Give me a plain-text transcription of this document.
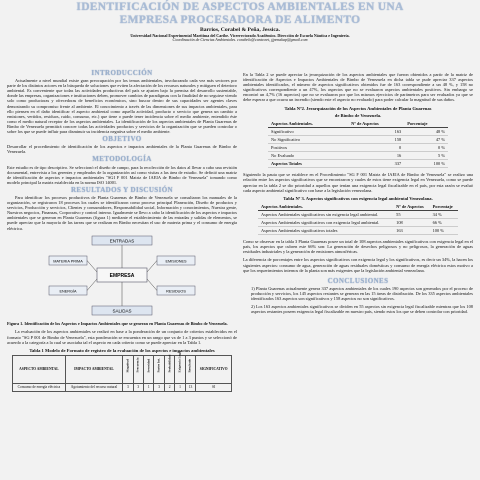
IDENTIFICACIÓN DE ASPECTOS AMBIENTALES EN UNA
EMPRESA PROCESADORA DE ALIMENTO
Barrios, Corabel & Peña, Jessica.
Universidad Nacional Experimental Marítima del Caribe. Vicerrectorado Académico. Dirección de Escuela Náutica e Ingeniería.
Coordinación de Ciencias Ambientales. corabelo@cantv.net, jjpenakap@gmail.com
INTRODUCCIÓN

Actualmente a nivel mundial existe gran preocupación por los temas ambientales, involucrando cada vez más sectores por parte de los distintos actores en la búsqueda de soluciones que eviten la afectación de los recursos naturales y mitiguen el deterioro ambiental. Es conveniente que todas las actividades productivas del país se ajusten bajo la premisa del desarrollo sustentable, donde las empresas, organizaciones e instituciones deben, promover cambios de paradigmas con la finalidad de no seguirse viendo solo como productoras y ofrecedoras de beneficios económicos, sino buscar dentro de sus capacidades ser agentes claves demostrando su compromiso frente al ambiente. El conocimiento a través de las dimensiones de sus impactos ambientales, para ello piensen en el daño identificar el aspecto ambiental como aquella actividad, producto o servicio que genera un cambio a emisiones, vertidos, residuos, ruido, consumo, etc.) que tiene o puede tener incidencia sobre el medio ambiente, entendido éste como el medio natural receptor de los aspectos ambientales. La identificación de los aspectos ambientales de Planta Guarenas de Bimbo de Venezuela permitirá conocer todas las actividades productos y servicios de la organización que se pueden controlar o sobre los que se puede influir para disminuir su incidencia negativa sobre el medio ambiente.

OBJETIVO

Desarrollar el procedimiento de identificación de los aspectos e impactos ambientales de la Planta Guarenas de Bimbo de Venezuela.

METODOLOGÍA

Este estudio es de tipo descriptivo. Se seleccionó el diseño de campo, para la recolección de los datos al llevar a cabo una revisión documental, entrevista a los gerentes y empleados de la organización así como visitas a las área de estudio. Se definió una matriz de identificación de aspectos e impactos ambientales "SGI F 001 Matriz de IAEIA de Bimbo de Venezuela" tomando como modelo principal la matriz establecida en la norma ISO 14001.

RESULTADOS Y DISCUSIÓN

Para identificar los procesos productivos de Planta Guarenas de Bimbo de Venezuela se consultaron los manuales de la organización, se registraron 18 procesos los cuales se identificaron como proceso principal Planeación, Diseño de productos y servicios, Producción y servicios, Clientes y consumidores, Responsabilidad social, Información y conocimientos, Nuestra gente, Nuestros negocios, Finanzas, Corporativo y control interno. Igualmente se llevo a cabo la identificación de los aspectos e impactos ambientales que se generan en Planta Guarenas (figura 1) mediante el establecimiento de las entradas y salidas de elementos, se puede apreciar que la mayoría de las tareas que se realizan en Bimbo necesitan el uso de materia prima y el consumo de energía eléctrica.

ENTRADAS
EMPRESA
MATERIA PRIMA	EMISIONES
ENERGÍA	RESIDUOS
SALIDAS
Figura 1. Identificación de los Aspectos e Impactos Ambientales que se generan en Planta Guarenas de Bimbo de Venezuela.

La evaluación de los aspectos ambientales se realizó en base a la ponderación de un conjunto de criterios establecidos en el formato "SG P 001 de Bimbo de Venezuela", esta ponderación se encuentra en un rango que va de 1 a 3 puntos y se seleccionó de acuerdo a la categoría a la cual se asociaba tal el aspecto en cada criterio como se puede apreciar en la Tabla 1.

Tabla 1 Modelo de Formato de registro de la evaluación de los aspectos e impactos ambientales
ASPECTO AMBIENTAL	IMPACTO AMBIENTAL	Magnitud	Frecuencia	Severidad	Partes Int.	Probabilidad	Exigencia Legal	Resultado	SIGNIFICATIVO
Consumo de energía eléctrica	Agotamiento del recurso natural	3	3	1	3	2	1	13	SI

En la Tabla 2 se puede apreciar la jerarquización de los aspectos ambientales que fueron obtenidos a partir de la matriz de identificación de Aspectos e Impactos Ambientales de Bimbo de Venezuela en dicha tabla se pude apreciar 337 aspectos ambientales identificados, el número de aspectos significativos obtenidos fue de 163 correspondiente a un 48 %, y 158 no significativos correspondiente a un 47%, los aspectos que no se evaluaron aspectos ambientales positivos. Sin embargo se encontró un 4,7% (16 aspectos) que no se evaluaron por que los mismos ejercicios de parámetros para ser evaluados ya que se debe esperar a que ocurra un incendio (siendo este el aspecto no evaluado) para poder calcular la magnitud de sus daños.

Tabla Nº2. Jerarquización de los Aspectos Ambientales de Planta Guarenas
de Bimbo de Venezuela.
Aspectos Ambientales.	Nº de Aspectos	Porcentaje
Significativo	163	48 %
No Significativo	158	47 %
Positivos	0	0 %
No Evaluado	16	5 %
Aspectos Totales	337	100 %

Siguiendo la pauta que se establece en el Procedimiento "SG F 001 Matriz de IAEIA de Bimbo de Venezuela" se realizo una relación entre los aspectos significativos que se encontraron y cuales de estos tiene exigencia legal en Venezuela, como se puede apreciar en la tabla 2 se dio prioridad a aquellos que tenían una exigencia legal fiscalizable en el país, por esta razón se evaluó cada aspecto ambiental significativo con base a la legislación venezolana.

Tabla Nº 3. Aspectos significativos con exigencia legal ambiental Venezolana.
Aspectos Ambientales.	Nº de Aspectos	Porcentaje
Aspectos Ambientales significativos sin exigencia legal ambiental.	55	34 %
Aspectos Ambientales significativos con exigencia legal ambiental.	108	66 %
Aspectos Ambientales significativos totales	163	100 %

Como se observar en la tabla 3 Planta Guarenas posee un total de 108 aspectos ambientales significativos con exigencia legal en el país, los aspectos que cubren este 66% son: La generación de desechos peligrosos y no peligrosos, la generación de aguas residuales industriales y la generación de emisiones atmosféricas.

La diferencia de porcentajes entre los aspectos significativos con exigencia legal y los significativos, es decir un 34%, la hacen los siguientes aspectos: consumo de agua, generación de aguas residuales domésticas y consumo de energía eléctrica estos motivo a que los requerimientos internos de la planta son más exigentes que la legislación ambiental venezolana.

CONCLUSIONES
1) Planta Guarenas actualmente genera 337 aspectos ambientales de los cuales 190 aspectos son generados por el proceso de producción y servicios, los 145 aspectos restantes se generan en las 15 áreas de distribución. De los 335 aspectos ambientales identificados 163 aspectos son significativos y 158 aspectos no son significativos.
2) Los 163 aspectos ambientales significativos se dividen en 55 aspectos sin exigencia legal fiscalizable mientras que los 108 aspectos restantes poseen exigencia legal fiscalizable en nuestro país, siendo estos los que se deben controlar con prioridad.
